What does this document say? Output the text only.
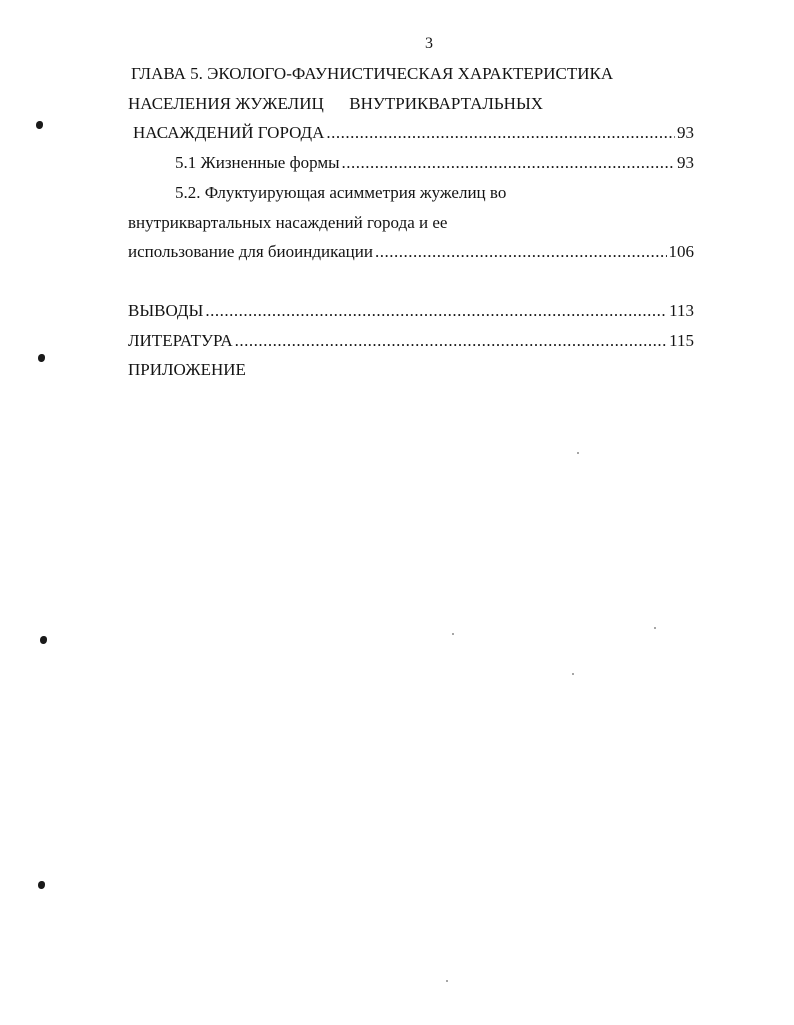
3
ГЛАВА 5. ЭКОЛОГО-ФАУНИСТИЧЕСКАЯ ХАРАКТЕРИСТИКА
НАСЕЛЕНИЯ ЖУЖЕЛИЦ      ВНУТРИКВАРТАЛЬНЫХ
НАСАЖДЕНИЙ ГОРОДА .....	93
5.1 Жизненные формы .....	93
5.2. Флуктуирующая асимметрия жужелиц во
внутриквартальных насаждений города и ее
использование для биоиндикации .....	106
ВЫВОДЫ .....	113
ЛИТЕРАТУРА .....	115
ПРИЛОЖЕНИЕ
